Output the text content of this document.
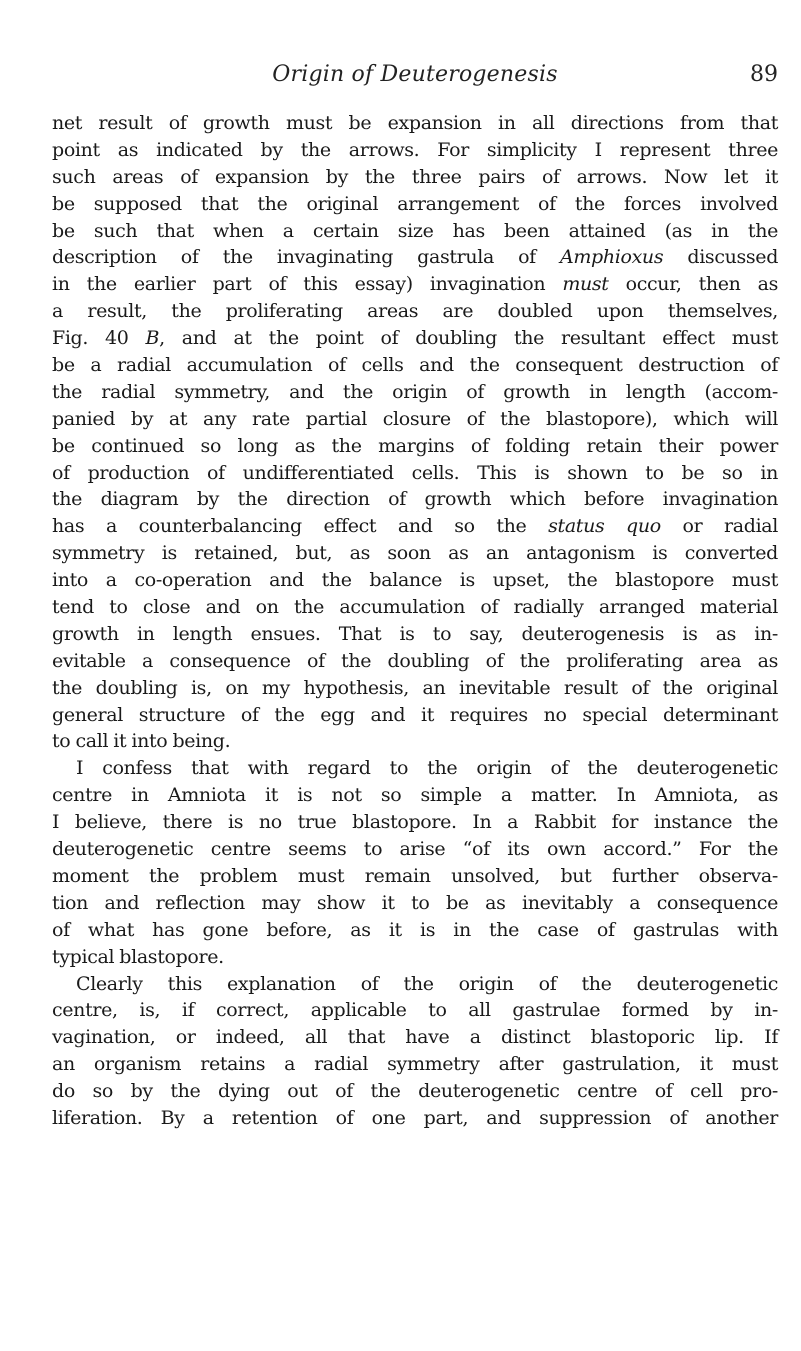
Origin of Deuterogenesis	89
net result of growth must be expansion in all directions from that
point as indicated by the arrows. For simplicity I represent three
such areas of expansion by the three pairs of arrows. Now let it
be supposed that the original arrangement of the forces involved
be such that when a certain size has been attained (as in the
description of the invaginating gastrula of Amphioxus discussed
in the earlier part of this essay) invagination must occur, then as
a result, the proliferating areas are doubled upon themselves,
Fig. 40 B, and at the point of doubling the resultant effect must
be a radial accumulation of cells and the consequent destruction of
the radial symmetry, and the origin of growth in length (accom-
panied by at any rate partial closure of the blastopore), which will
be continued so long as the margins of folding retain their power
of production of undifferentiated cells. This is shown to be so in
the diagram by the direction of growth which before invagination
has a counterbalancing effect and so the status quo or radial
symmetry is retained, but, as soon as an antagonism is converted
into a co-operation and the balance is upset, the blastopore must
tend to close and on the accumulation of radially arranged material
growth in length ensues. That is to say, deuterogenesis is as in-
evitable a consequence of the doubling of the proliferating area as
the doubling is, on my hypothesis, an inevitable result of the original
general structure of the egg and it requires no special determinant
to call it into being.
I confess that with regard to the origin of the deuterogenetic
centre in Amniota it is not so simple a matter. In Amniota, as
I believe, there is no true blastopore. In a Rabbit for instance the
deuterogenetic centre seems to arise “of its own accord.” For the
moment the problem must remain unsolved, but further observa-
tion and reflection may show it to be as inevitably a consequence
of what has gone before, as it is in the case of gastrulas with
typical blastopore.
Clearly this explanation of the origin of the deuterogenetic
centre, is, if correct, applicable to all gastrulae formed by in-
vagination, or indeed, all that have a distinct blastoporic lip. If
an organism retains a radial symmetry after gastrulation, it must
do so by the dying out of the deuterogenetic centre of cell pro-
liferation. By a retention of one part, and suppression of another
